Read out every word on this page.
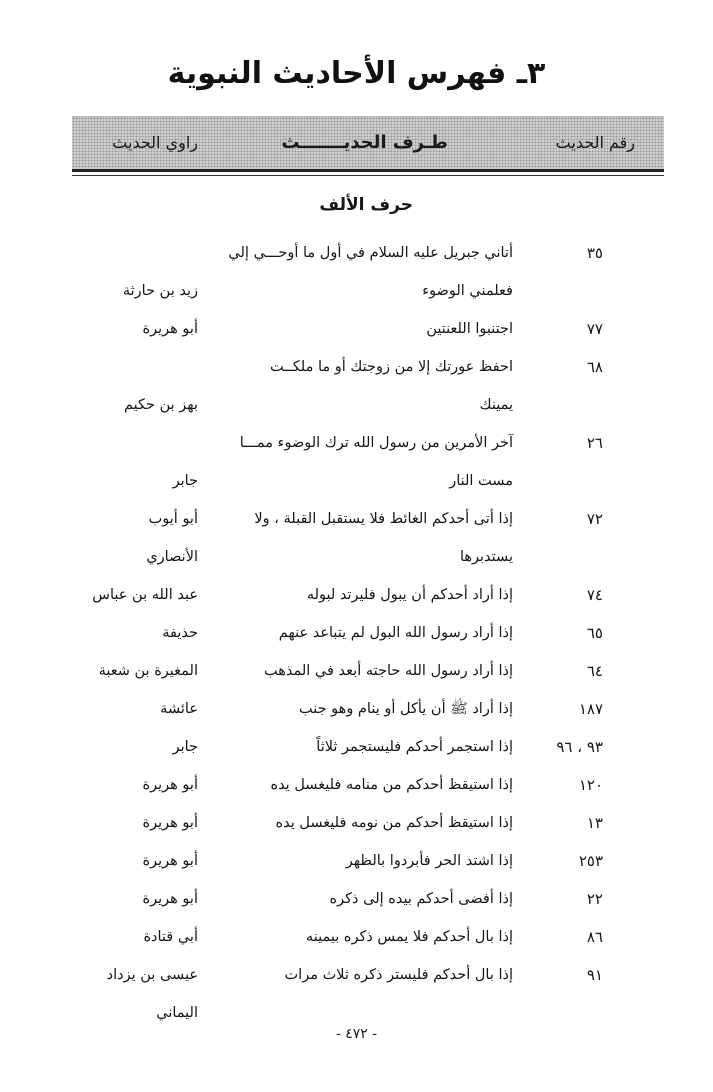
٣ـ فهرس الأحاديث النبوية
رقم الحديث
طـرف الحديـــــــث
راوي الحديث
حرف الألف
٣٥
أتاني جبريل عليه السلام في أول ما أوحـــي إلي
فعلمني الوضوء
زيد بن حارثة
٧٧
اجتنبوا اللعنتين
أبو هريرة
٦٨
احفظ عورتك إلا من زوجتك أو ما ملكــت
يمينك
بهز بن حكيم
٢٦
آخر الأمرين من رسول الله ترك الوضوء ممـــا
مست النار
جابر
٧٢
إذا أتى أحدكم الغائط فلا يستقبل القبلة ، ولا
أبو أيوب
يستدبرها
الأنصاري
٧٤
إذا أراد أحدكم أن يبول فليرتد لبوله
عبد الله بن عباس
٦٥
إذا أراد رسول الله البول لم يتباعد عنهم
حذيفة
٦٤
إذا أراد رسول الله حاجته أبعد في المذهب
المغيرة بن شعبة
١٨٧
إذا أراد ﷺ أن يأكل أو ينام وهو جنب
عائشة
٩٣ ، ٩٦
إذا استجمر أحدكم فليستجمر ثلاثاً
جابر
١٢٠
إذا استيقظ أحدكم من منامه فليغسل يده
أبو هريرة
١٣
إذا استيقظ أحدكم من نومه فليغسل يده
أبو هريرة
٢٥٣
إذا اشتد الحر فأبردوا بالظهر
أبو هريرة
٢٢
إذا أفضى أحدكم بيده إلى ذكره
أبو هريرة
٨٦
إذا بال أحدكم فلا يمس ذكره بيمينه
أبي قتادة
٩١
إذا بال أحدكم فليستر ذكره ثلاث مرات
عيسى بن يزداد
اليماني
- ٤٧٢ -
